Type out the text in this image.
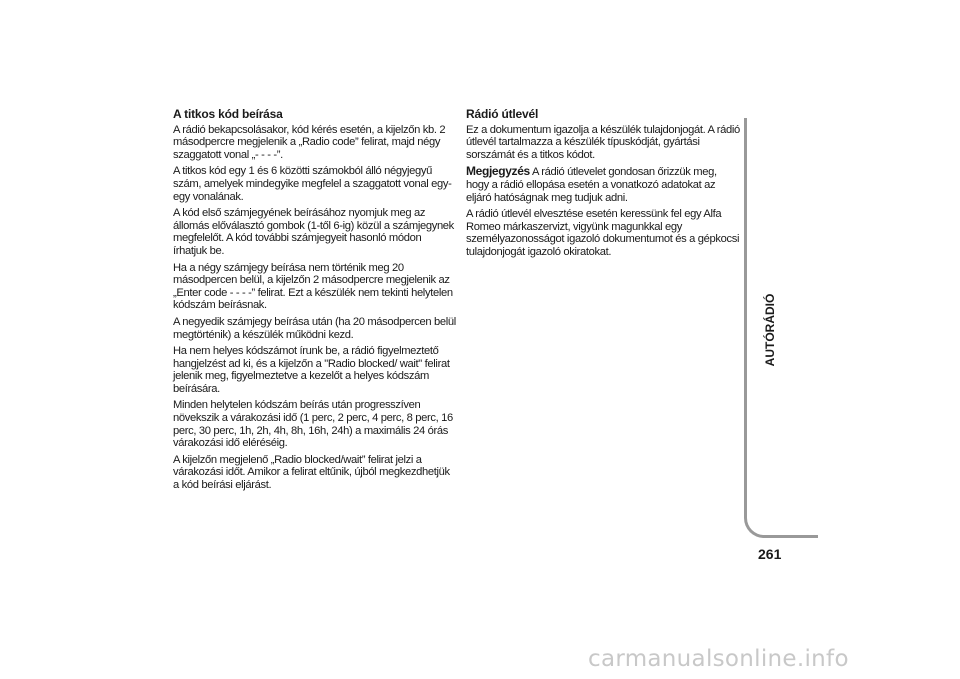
A titkos kód beírása
A rádió bekapcsolásakor, kód kérés esetén, a kijelzőn kb. 2 másodpercre megjelenik a „Radio code” felirat, majd négy szaggatott vonal „- - - -”.
A titkos kód egy 1 és 6 közötti számokból álló négyjegyű szám, amelyek mindegyike megfelel a szaggatott vonal egy-egy vonalának.
A kód első számjegyének beírásához nyomjuk meg az állomás előválasztó gombok (1-től 6-ig) közül a számjegynek megfelelőt. A kód további számjegyeit hasonló módon írhatjuk be.
Ha a négy számjegy beírása nem történik meg 20 másodpercen belül, a kijelzőn 2 másodpercre megjelenik az „Enter code - - - -” felirat. Ezt a készülék nem tekinti helytelen kódszám beírásnak.
A negyedik számjegy beírása után (ha 20 másodpercen belül megtörténik) a készülék működni kezd.
Ha nem helyes kódszámot írunk be, a rádió figyelmeztető hangjelzést ad ki, és a kijelzőn a "Radio blocked/ wait" felirat jelenik meg, figyelmeztetve a kezelőt a helyes kódszám beírására.
Minden helytelen kódszám beírás után progresszíven növekszik a várakozási idő (1 perc, 2 perc, 4 perc, 8 perc, 16 perc, 30 perc, 1h, 2h, 4h, 8h, 16h, 24h) a maximális 24 órás várakozási idő eléréséig.
A kijelzőn megjelenő „Radio blocked/wait” felirat jelzi a várakozási időt. Amikor a felirat eltűnik, újból megkezdhetjük a kód beírási eljárást.
Rádió útlevél
Ez a dokumentum igazolja a készülék tulajdonjogát. A rádió útlevél tartalmazza a készülék típuskódját, gyártási sorszámát és a titkos kódot.
Megjegyzés A rádió útlevelet gondosan őrizzük meg, hogy a rádió ellopása esetén a vonatkozó adatokat az eljáró hatóságnak meg tudjuk adni.
A rádió útlevél elvesztése esetén keressünk fel egy Alfa Romeo márkaszervizt, vigyünk magunkkal egy személyazonosságot igazoló dokumentumot és a gépkocsi tulajdonjogát igazoló okiratokat.
AUTÓRÁDIÓ
261
carmanualsonline.info
